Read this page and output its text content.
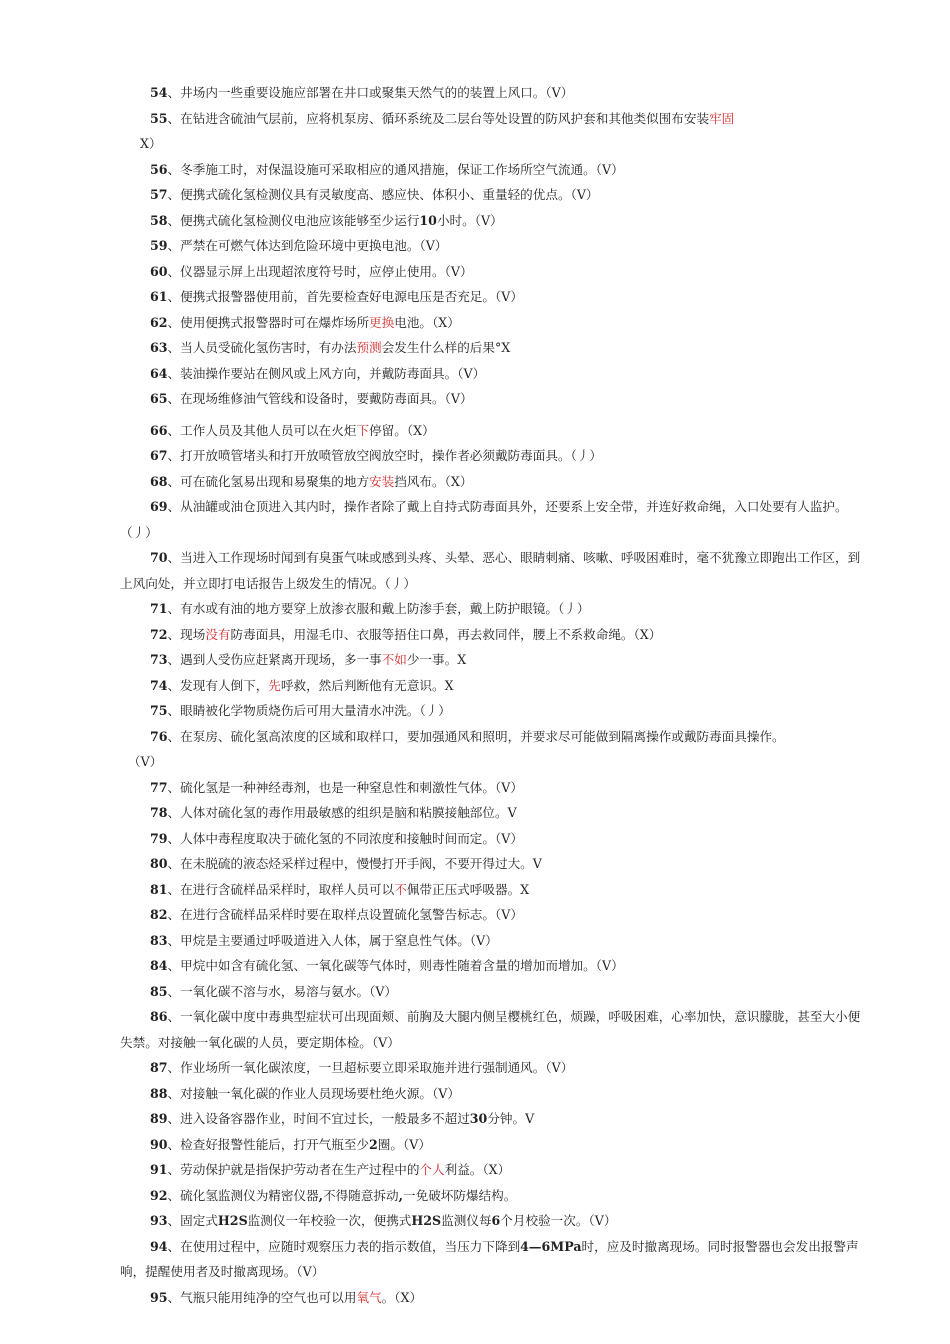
54、井场内一些重要设施应部署在井口或聚集天然气的的装置上风口。（V）
55、在钻进含硫油气层前，应将机泵房、循环系统及二层台等处设置的防风护套和其他类似围布安装牢固
X）
56、冬季施工时，对保温设施可采取相应的通风措施，保证工作场所空气流通。（V）
57、便携式硫化氢检测仪具有灵敏度高、感应快、体积小、重量轻的优点。（V）
58、便携式硫化氢检测仪电池应该能够至少运行10小时。（V）
59、严禁在可燃气体达到危险环境中更换电池。（V）
60、仪器显示屏上出现超浓度符号时，应停止使用。（V）
61、便携式报警器使用前，首先要检查好电源电压是否充足。（V）
62、使用便携式报警器时可在爆炸场所更换电池。（X）
63、当人员受硫化氢伤害时，有办法预测会发生什么样的后果°X
64、装油操作要站在侧风或上风方向，并戴防毒面具。（V）
65、在现场维修油气管线和设备时，要戴防毒面具。（V）
66、工作人员及其他人员可以在火炬下停留。（X）
67、打开放喷管堵头和打开放喷管放空阀放空时，操作者必须戴防毒面具。（丿）
68、可在硫化氢易出现和易聚集的地方安装挡风布。（X）
69、从油罐或油仓顶进入其内时，操作者除了戴上自持式防毒面具外，还要系上安全带，并连好救命绳，入口处要有人监护。（丿）
70、当进入工作现场时闻到有臭蛋气味或感到头疼、头晕、恶心、眼睛刺痛、咳嗽、呼吸困难时，毫不犹豫立即跑出工作区，到上风向处，并立即打电话报告上级发生的情况。（丿）
71、有水或有油的地方要穿上放渗衣服和戴上防渗手套，戴上防护眼镜。（丿）
72、现场没有防毒面具，用湿毛巾、衣服等捂住口鼻，再去救同伴，腰上不系救命绳。（X）
73、遇到人受伤应赶紧离开现场，多一事不如少一事。X
74、发现有人倒下，先呼救，然后判断他有无意识。X
75、眼睛被化学物质烧伤后可用大量清水冲洗。（丿）
76、在泵房、硫化氢高浓度的区域和取样口，要加强通风和照明，并要求尽可能做到隔离操作或戴防毒面具操作。
（V）
77、硫化氢是一种神经毒剂，也是一种窒息性和刺激性气体。（V）
78、人体对硫化氢的毒作用最敏感的组织是脑和粘膜接触部位。V
79、人体中毒程度取决于硫化氢的不同浓度和接触时间而定。（V）
80、在未脱硫的液态烃采样过程中，慢慢打开手阀，不要开得过大。V
81、在进行含硫样品采样时，取样人员可以不佩带正压式呼吸器。X
82、在进行含硫样品采样时要在取样点设置硫化氢警告标志。（V）
83、甲烷是主要通过呼吸道进入人体，属于窒息性气体。（V）
84、甲烷中如含有硫化氢、一氧化碳等气体时，则毒性随着含量的增加而增加。（V）
85、一氧化碳不溶与水，易溶与氨水。（V）
86、一氧化碳中度中毒典型症状可出现面颊、前胸及大腿内侧呈樱桃红色，烦躁，呼吸困难，心率加快，意识朦胧，甚至大小便失禁。对接触一氧化碳的人员，要定期体检。（V）
87、作业场所一氧化碳浓度，一旦超标要立即采取施并进行强制通风。（V）
88、对接触一氧化碳的作业人员现场要杜绝火源。（V）
89、进入设备容器作业，时间不宜过长，一般最多不超过30分钟。V
90、检查好报警性能后，打开气瓶至少2圈。（V）
91、劳动保护就是指保护劳动者在生产过程中的个人利益。（X）
92、硫化氢监测仪为精密仪器,不得随意拆动,一免破坏防爆结构。
93、固定式H2S监测仪一年校验一次，便携式H2S监测仪每6个月校验一次。（V）
94、在使用过程中，应随时观察压力表的指示数值，当压力下降到4—6MPa时，应及时撤离现场。同时报警器也会发出报警声响，提醒使用者及时撤离现场。（V）
95、气瓶只能用纯净的空气也可以用氧气。（X）
